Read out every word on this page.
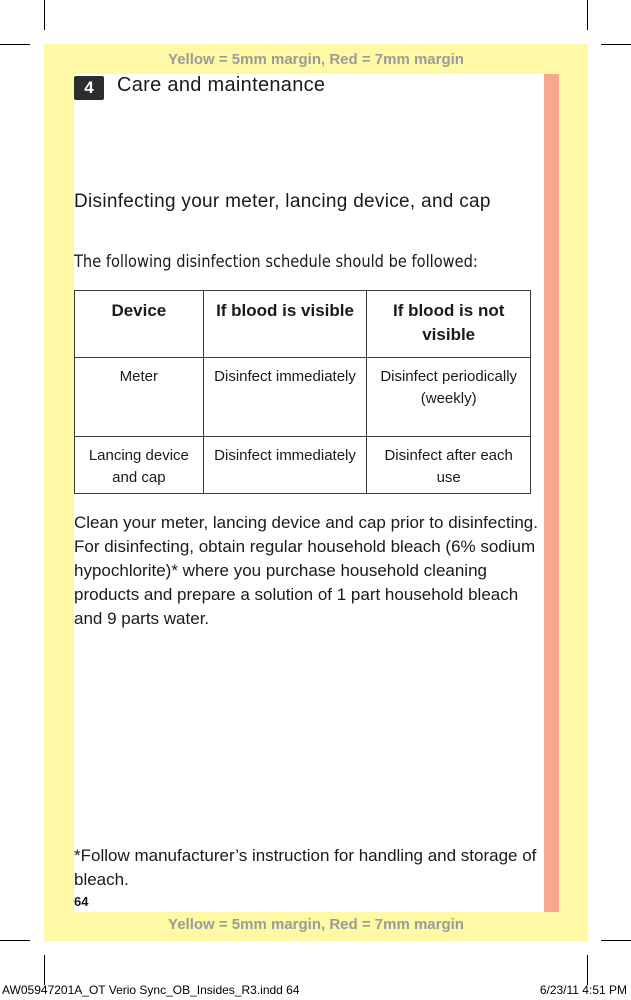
Yellow = 5mm margin, Red = 7mm margin
Yellow = 5mm margin, Red = 7mm margin
4	Care and maintenance
Disinfecting your meter, lancing device, and cap
The following disinfection schedule should be followed:
Device	If blood is visible	If blood is not visible
Meter	Disinfect immediately	Disinfect periodically (weekly)
Lancing device and cap	Disinfect immediately	Disinfect after each use
Clean your meter, lancing device and cap prior to disinfecting. For disinfecting, obtain regular household bleach (6% sodium hypochlorite)* where you purchase household cleaning products and prepare a solution of 1 part household bleach and 9 parts water.
*Follow manufacturer’s instruction for handling and storage of bleach.
64
AW05947201A_OT Verio Sync_OB_Insides_R3.indd 64	6/23/11 4:51 PM
